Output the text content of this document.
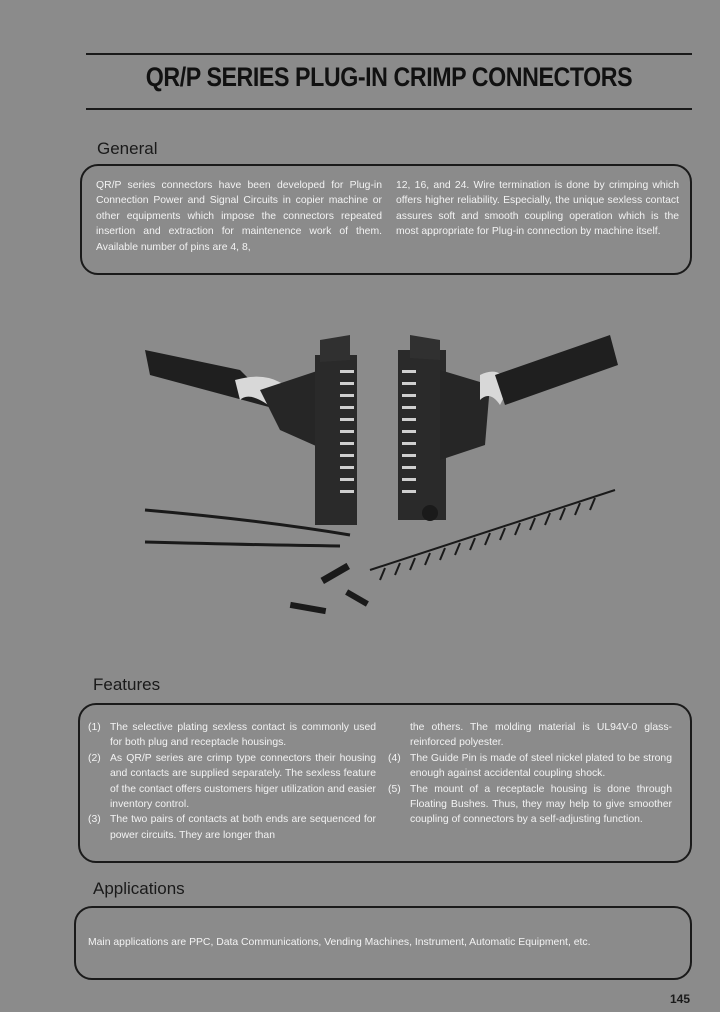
QR/P SERIES PLUG-IN CRIMP CONNECTORS
General

QR/P series connectors have been developed for Plug-in Connection Power and Signal Circuits in copier machine or other equipments which impose the connectors repeated insertion and extraction for maintenence work of them. Available number of pins are 4, 8,

12, 16, and 24. Wire termination is done by crimping which offers higher reliability. Especially, the unique sexless contact assures soft and smooth coupling operation which is the most appropriate for Plug-in connection by machine itself.

Features
(1) The selective plating sexless contact is commonly used for both plug and receptacle housings.
(2) As QR/P series are crimp type connectors their housing and contacts are supplied separately. The sexless feature of the contact offers customers higer utilization and easier inventory control.
(3) The two pairs of contacts at both ends are sequenced for power circuits. They are longer than
the others. The molding material is UL94V-0 glass-reinforced polyester.
(4) The Guide Pin is made of steel nickel plated to be strong enough against accidental coupling shock.
(5) The mount of a receptacle housing is done through Floating Bushes. Thus, they may help to give smoother coupling of connectors by a self-adjusting function.
Applications
Main applications are PPC, Data Communications, Vending Machines, Instrument, Automatic Equipment, etc.
145
